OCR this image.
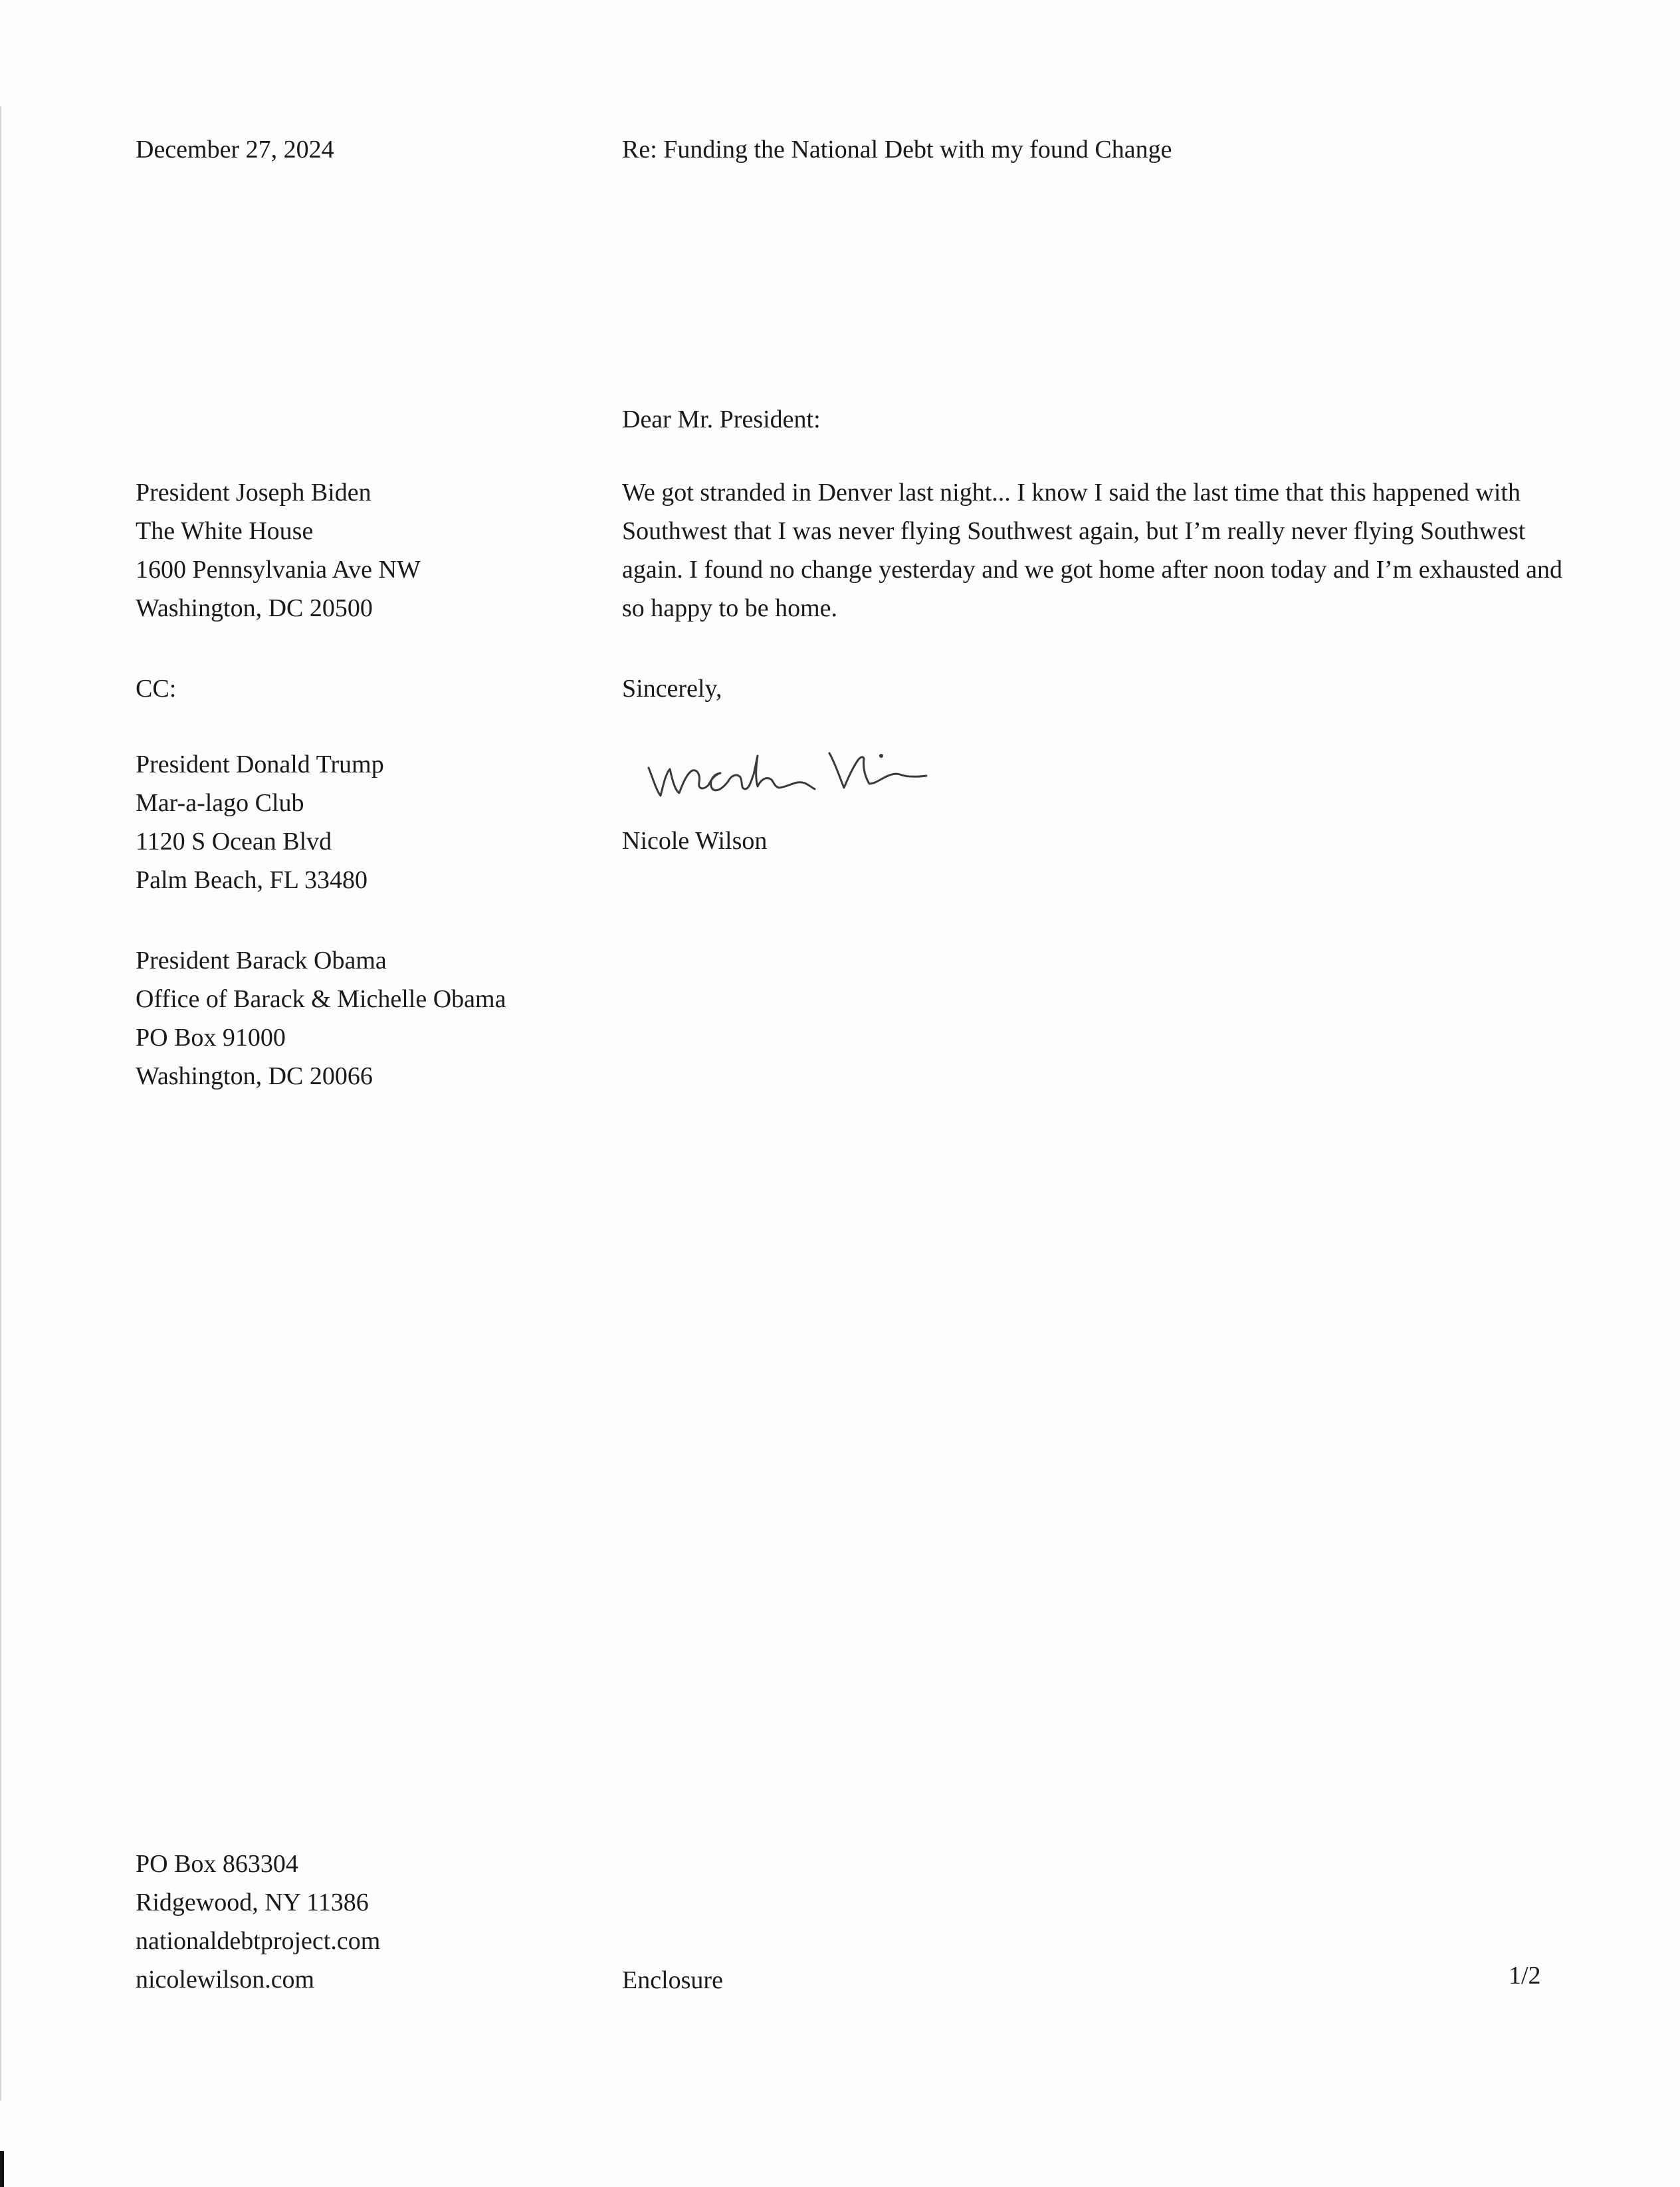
December 27, 2024	Re: Funding the National Debt with my found Change
Dear Mr. President:
President Joseph Biden
The White House
1600 Pennsylvania Ave NW
Washington, DC 20500
CC:
President Donald Trump
Mar-a-lago Club
1120 S Ocean Blvd
Palm Beach, FL 33480
President Barack Obama
Office of Barack & Michelle Obama
PO Box 91000
Washington, DC 20066
We got stranded in Denver last night... I know I said the last time that this happened with Southwest that I was never flying Southwest again, but I’m really never flying Southwest again. I found no change yesterday and we got home after noon today and I’m exhausted and so happy to be home.
Sincerely,
Nicole Wilson
PO Box 863304
Ridgewood, NY 11386
nationaldebtproject.com
nicolewilson.com	Enclosure	1/2
